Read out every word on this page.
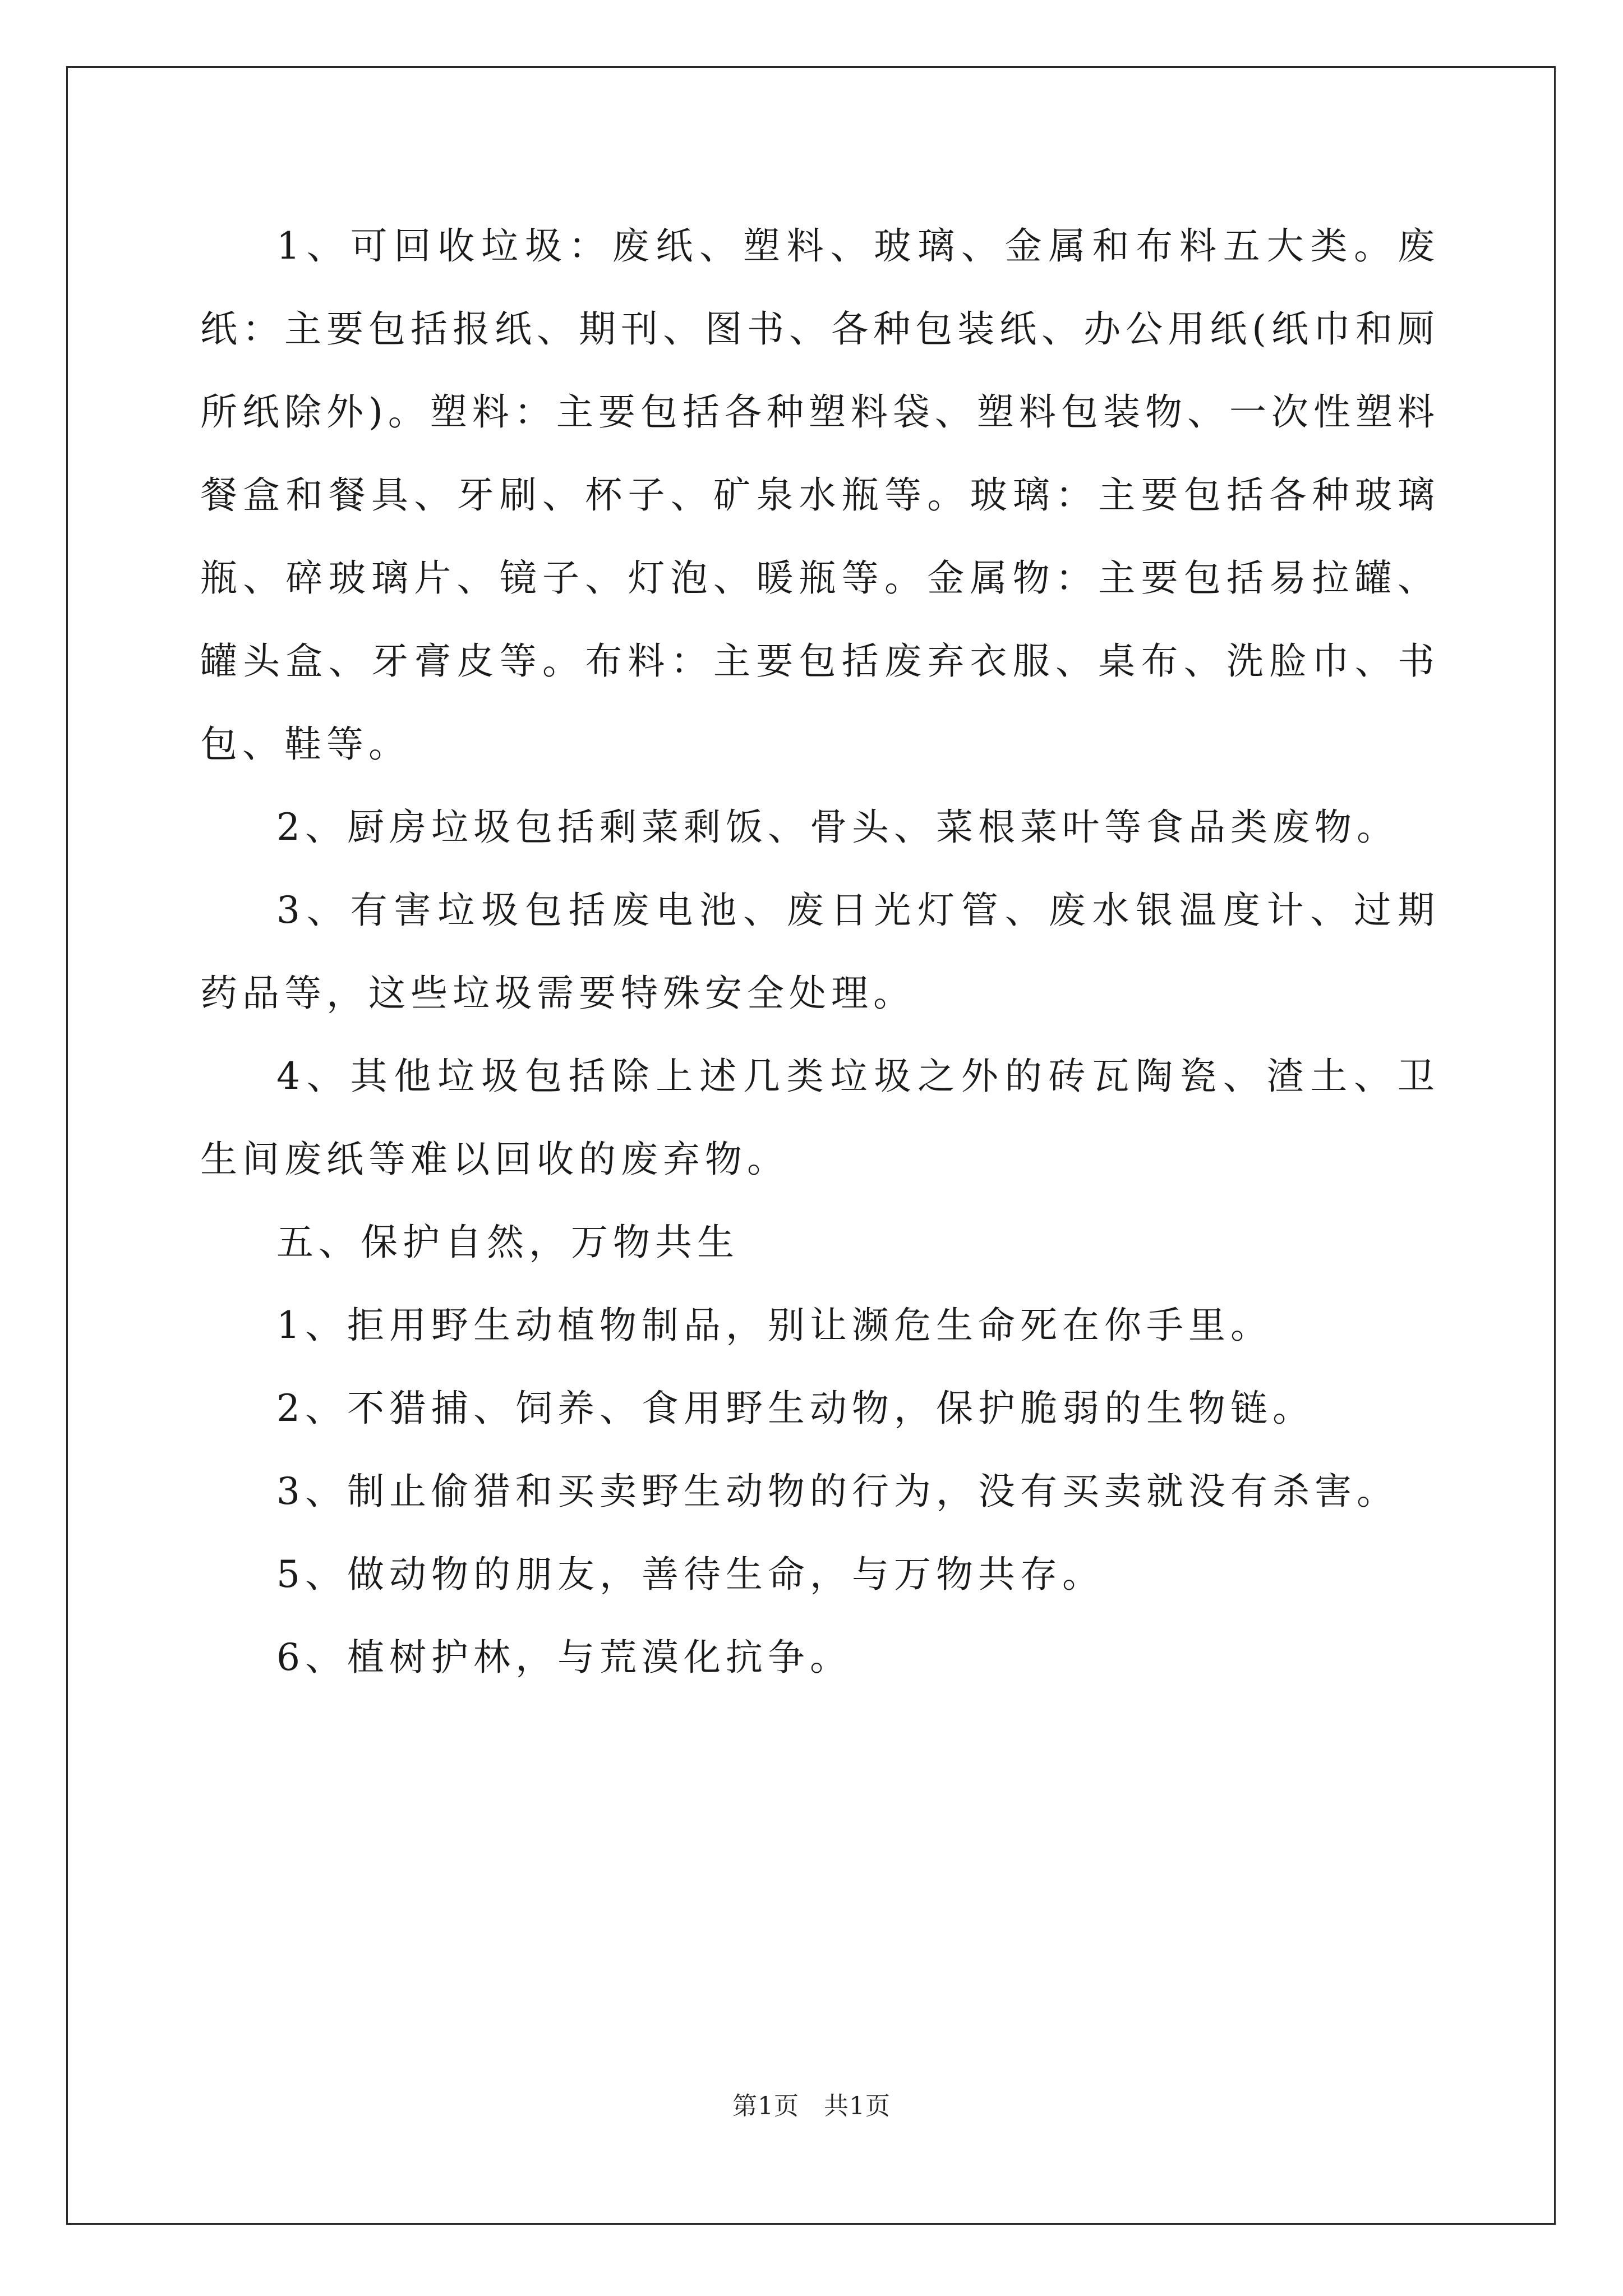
1、可回收垃圾：废纸、塑料、玻璃、金属和布料五大类。废纸：主要包括报纸、期刊、图书、各种包装纸、办公用纸(纸巾和厕所纸除外)。塑料：主要包括各种塑料袋、塑料包装物、一次性塑料餐盒和餐具、牙刷、杯子、矿泉水瓶等。玻璃：主要包括各种玻璃瓶、碎玻璃片、镜子、灯泡、暖瓶等。金属物：主要包括易拉罐、罐头盒、牙膏皮等。布料：主要包括废弃衣服、桌布、洗脸巾、书包、鞋等。

2、厨房垃圾包括剩菜剩饭、骨头、菜根菜叶等食品类废物。

3、有害垃圾包括废电池、废日光灯管、废水银温度计、过期药品等，这些垃圾需要特殊安全处理。

4、其他垃圾包括除上述几类垃圾之外的砖瓦陶瓷、渣土、卫生间废纸等难以回收的废弃物。

五、保护自然，万物共生

1、拒用野生动植物制品，别让濒危生命死在你手里。

2、不猎捕、饲养、食用野生动物，保护脆弱的生物链。

3、制止偷猎和买卖野生动物的行为，没有买卖就没有杀害。

5、做动物的朋友，善待生命，与万物共存。

6、植树护林，与荒漠化抗争。

第1页 共1页
